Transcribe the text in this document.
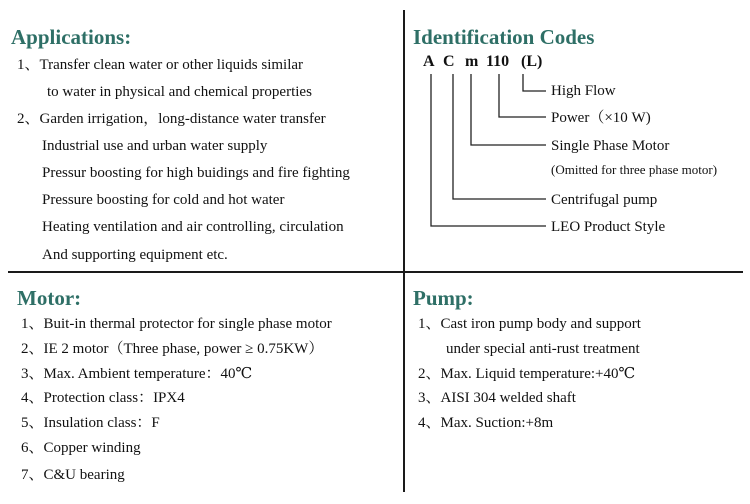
Applications:
1、Transfer clean water or other liquids similar
to water in physical and chemical properties
2、Garden irrigation，long-distance water transfer
Industrial use and urban water supply
Pressur boosting for high buidings and fire fighting
Pressure boosting for cold and hot water
Heating ventilation and air controlling, circulation
And supporting equipment etc.
Identification Codes
A C m 110 (L)
High Flow
Power（×10 W)
Single Phase Motor
(Omitted for three phase motor)
Centrifugal pump
LEO Product Style
Motor:
1、Buit-in thermal protector for single phase motor
2、IE 2 motor（Three phase, power ≥ 0.75KW）
3、Max. Ambient temperature：40℃
4、Protection class：IPX4
5、Insulation class：F
6、Copper winding
7、C&U bearing
Pump:
1、Cast iron pump body and support
under special anti-rust treatment
2、Max. Liquid temperature:+40℃
3、AISI 304 welded shaft
4、Max. Suction:+8m
